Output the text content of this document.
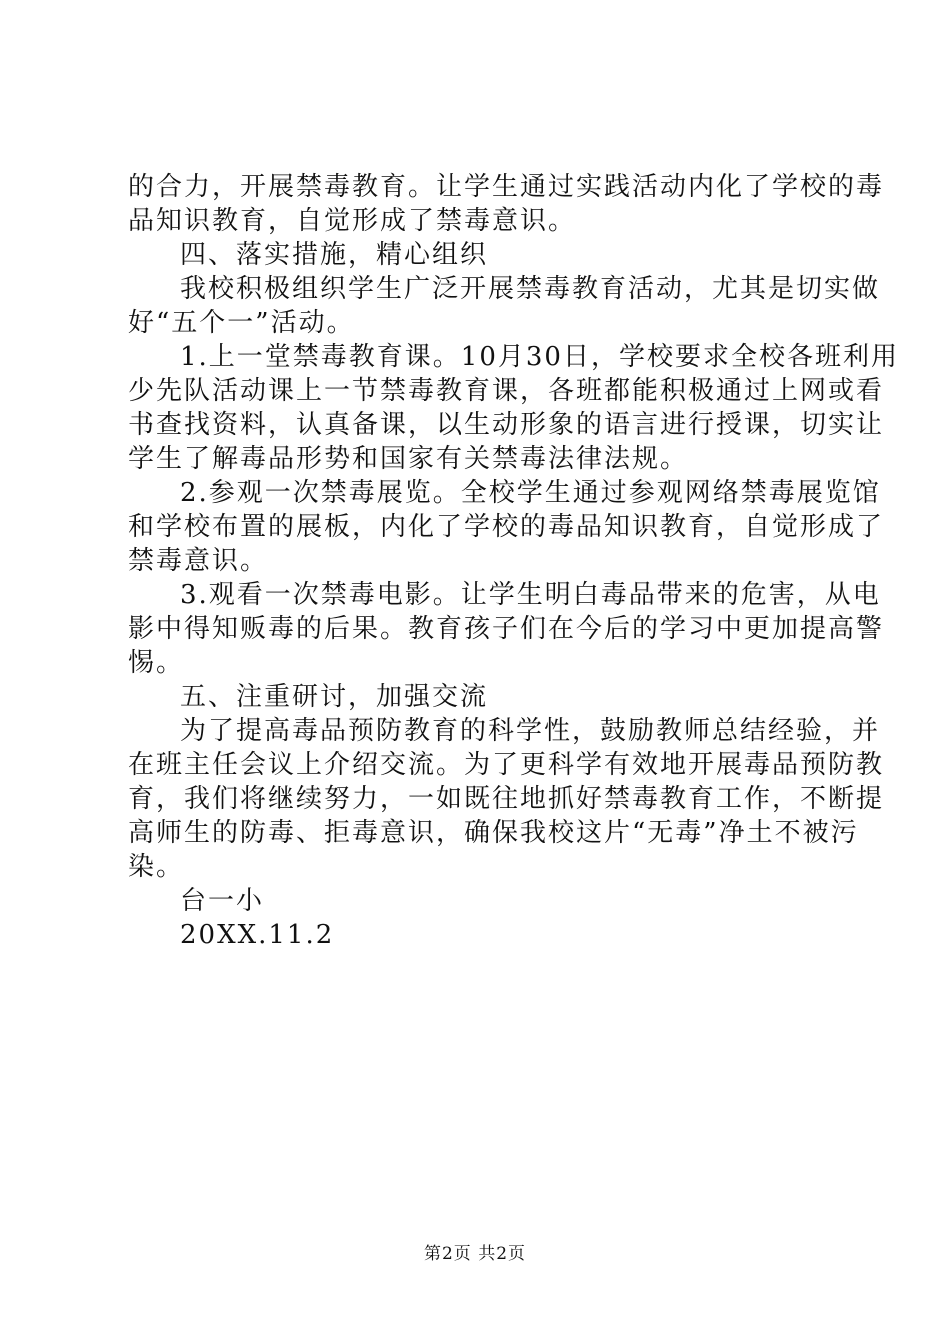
的合力，开展禁毒教育。让学生通过实践活动内化了学校的毒
品知识教育，自觉形成了禁毒意识。
四、落实措施，精心组织
我校积极组织学生广泛开展禁毒教育活动，尤其是切实做
好“五个一”活动。
1.上一堂禁毒教育课。10月30日，学校要求全校各班利用
少先队活动课上一节禁毒教育课，各班都能积极通过上网或看
书查找资料，认真备课，以生动形象的语言进行授课，切实让
学生了解毒品形势和国家有关禁毒法律法规。
2.参观一次禁毒展览。全校学生通过参观网络禁毒展览馆
和学校布置的展板，内化了学校的毒品知识教育，自觉形成了
禁毒意识。
3.观看一次禁毒电影。让学生明白毒品带来的危害，从电
影中得知贩毒的后果。教育孩子们在今后的学习中更加提高警
惕。
五、注重研讨，加强交流
为了提高毒品预防教育的科学性，鼓励教师总结经验，并
在班主任会议上介绍交流。为了更科学有效地开展毒品预防教
育，我们将继续努力，一如既往地抓好禁毒教育工作，不断提
高师生的防毒、拒毒意识，确保我校这片“无毒”净土不被污
染。
台一小
20XX.11.2
第2页 共2页
